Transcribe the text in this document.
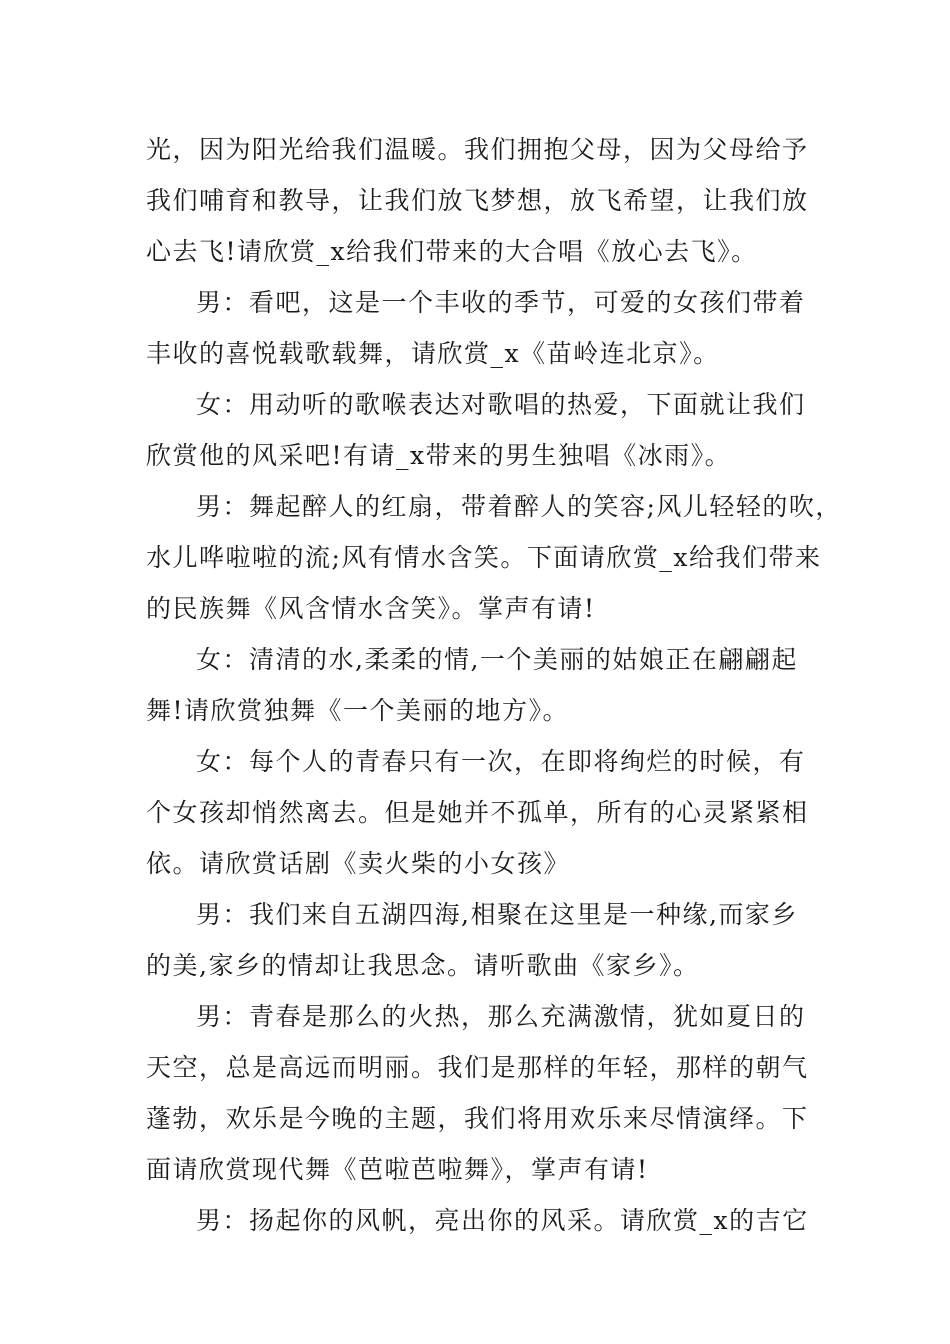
光，因为阳光给我们温暖。我们拥抱父母，因为父母给予
我们哺育和教导，让我们放飞梦想，放飞希望，让我们放
心去飞!请欣赏_x给我们带来的大合唱《放心去飞》。
男：看吧，这是一个丰收的季节，可爱的女孩们带着
丰收的喜悦载歌载舞，请欣赏_x《苗岭连北京》。
女：用动听的歌喉表达对歌唱的热爱，下面就让我们
欣赏他的风采吧!有请_x带来的男生独唱《冰雨》。
男：舞起醉人的红扇，带着醉人的笑容;风儿轻轻的吹，
水儿哗啦啦的流;风有情水含笑。下面请欣赏_x给我们带来
的民族舞《风含情水含笑》。掌声有请!
女：清清的水,柔柔的情,一个美丽的姑娘正在翩翩起
舞!请欣赏独舞《一个美丽的地方》。
女：每个人的青春只有一次，在即将绚烂的时候，有
个女孩却悄然离去。但是她并不孤单，所有的心灵紧紧相
依。请欣赏话剧《卖火柴的小女孩》
男：我们来自五湖四海,相聚在这里是一种缘,而家乡
的美,家乡的情却让我思念。请听歌曲《家乡》。
男：青春是那么的火热，那么充满激情，犹如夏日的
天空，总是高远而明丽。我们是那样的年轻，那样的朝气
蓬勃，欢乐是今晚的主题，我们将用欢乐来尽情演绎。下
面请欣赏现代舞《芭啦芭啦舞》，掌声有请!
男：扬起你的风帆，亮出你的风采。请欣赏_x的吉它
